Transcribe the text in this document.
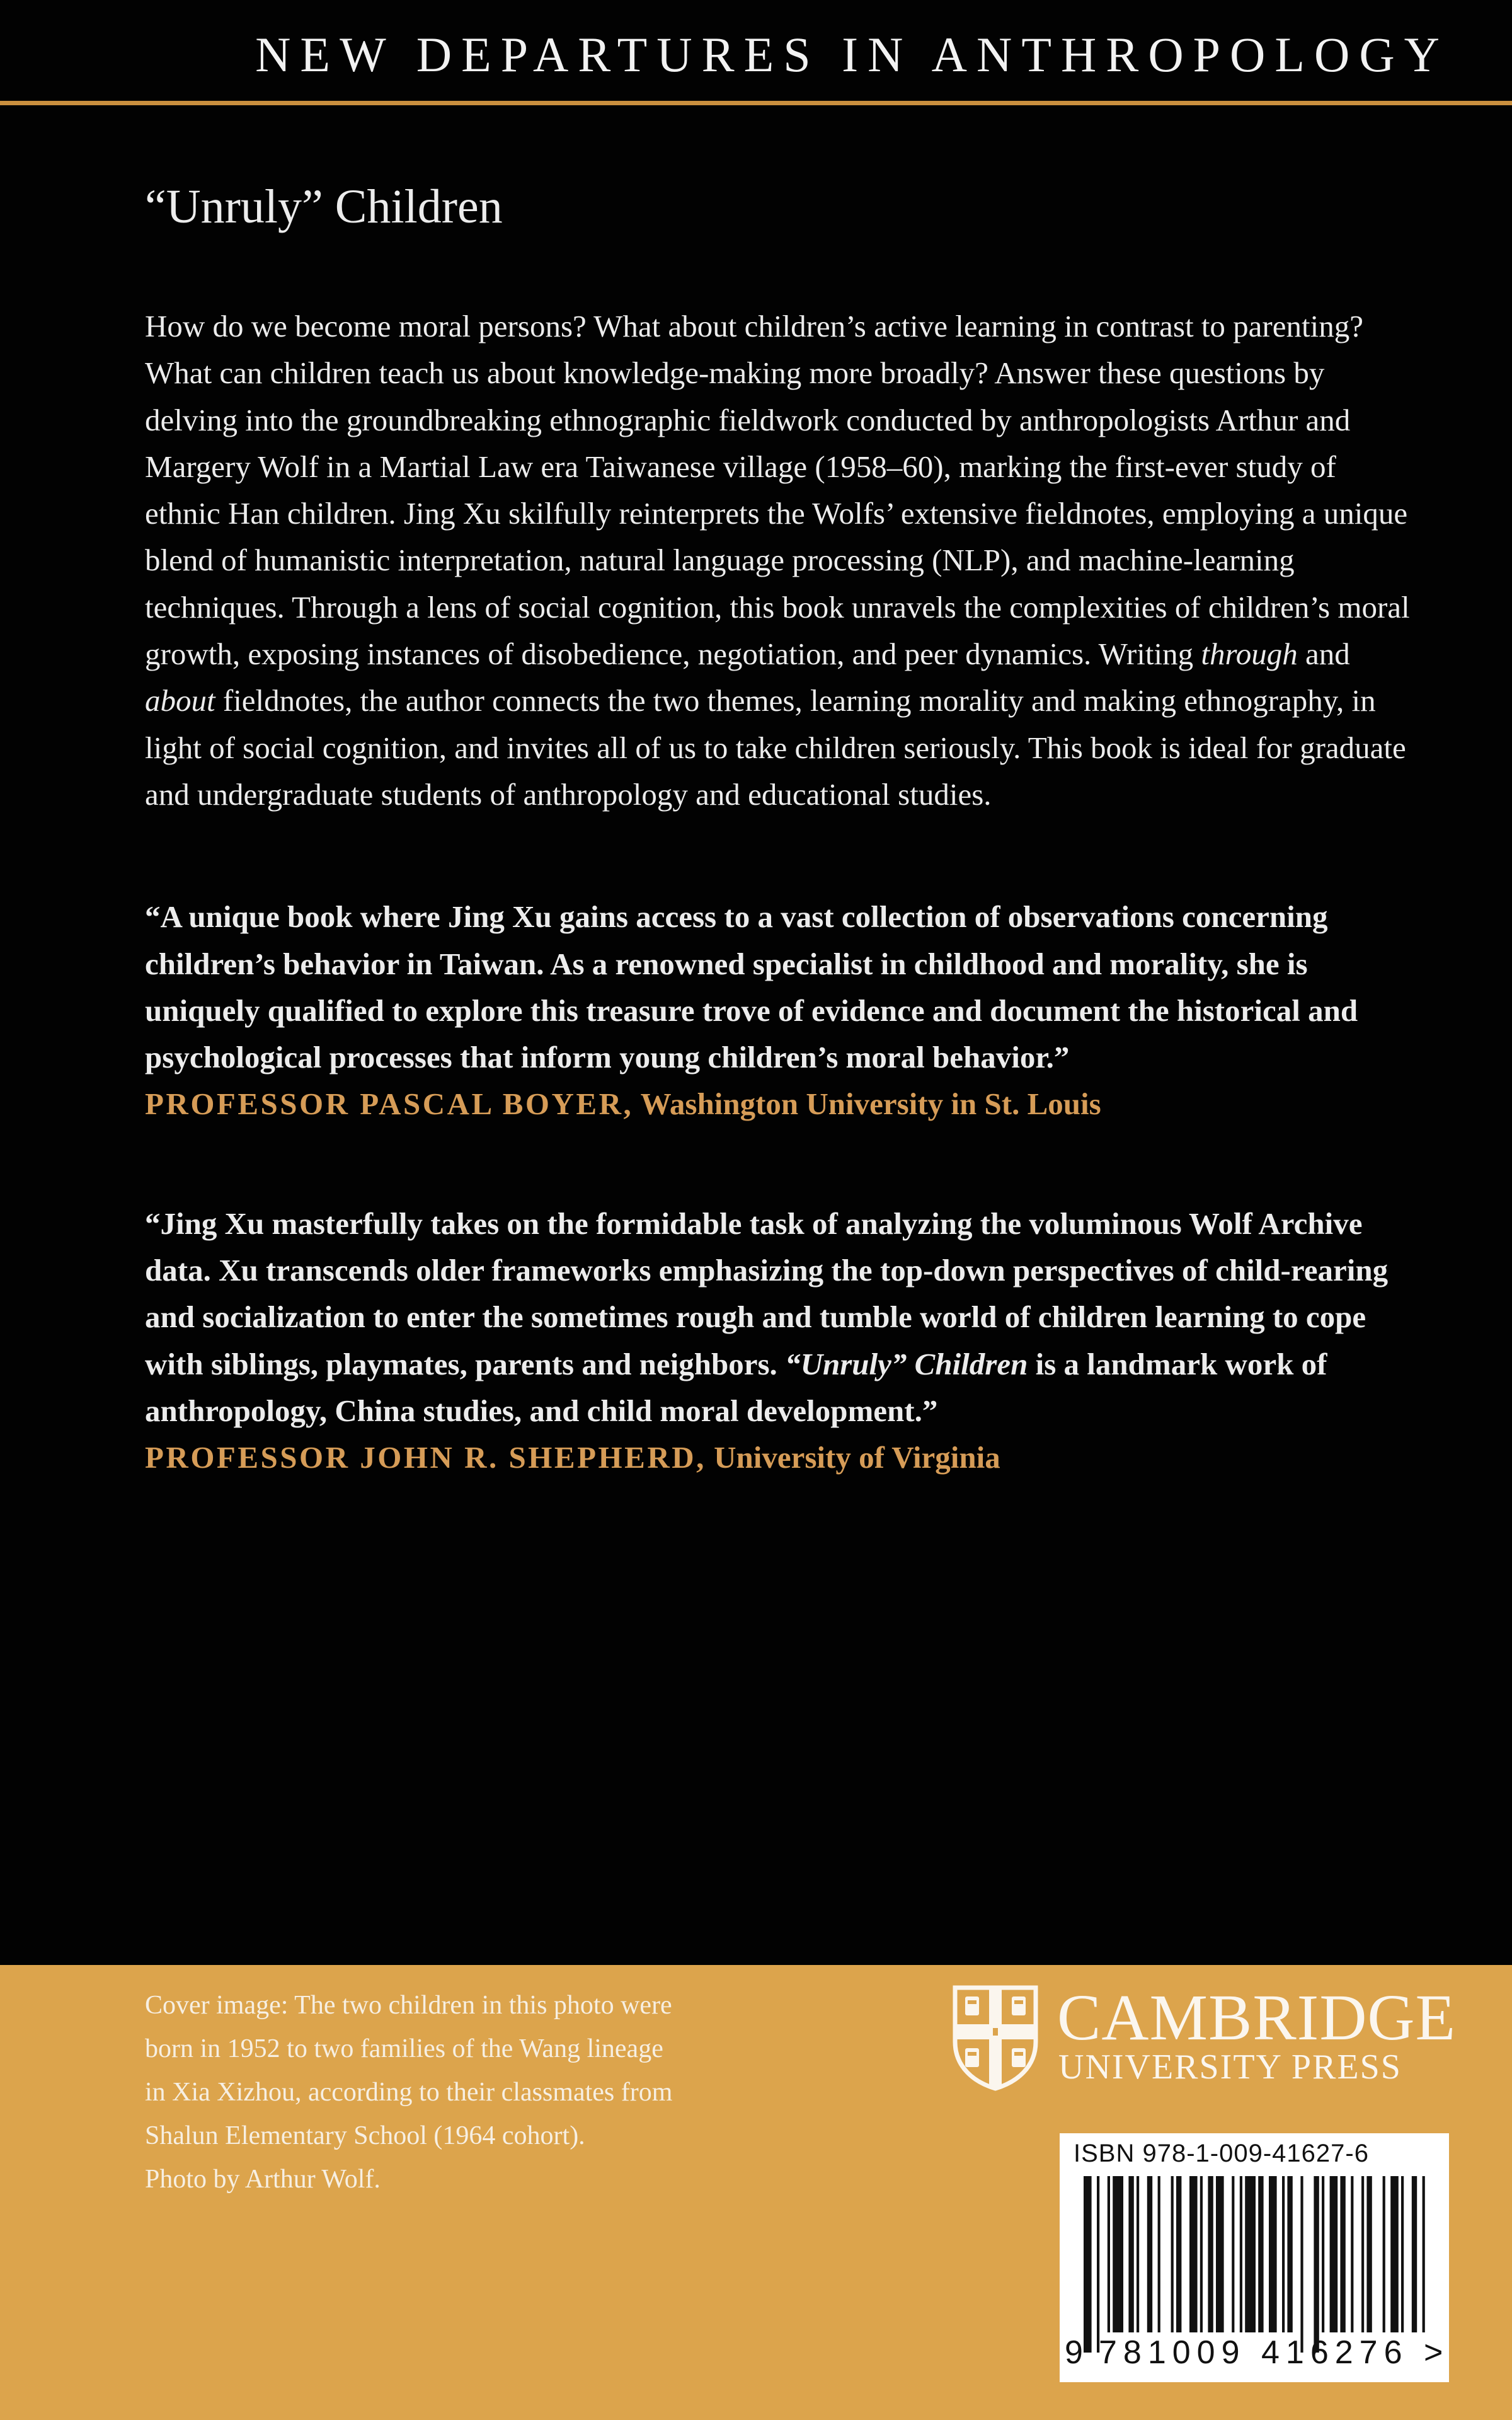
NEW DEPARTURES IN ANTHROPOLOGY
“Unruly” Children

How do we become moral persons? What about children’s active learning in contrast to parenting? What can children teach us about knowledge-making more broadly? Answer these questions by delving into the groundbreaking ethnographic fieldwork conducted by anthropologists Arthur and Margery Wolf in a Martial Law era Taiwanese village (1958–60), marking the first-ever study of ethnic Han children. Jing Xu skilfully reinterprets the Wolfs’ extensive fieldnotes, employing a unique blend of humanistic interpretation, natural language processing (NLP), and machine-learning techniques. Through a lens of social cognition, this book unravels the complexities of children’s moral growth, exposing instances of disobedience, negotiation, and peer dynamics. Writing through and about fieldnotes, the author connects the two themes, learning morality and making ethnography, in light of social cognition, and invites all of us to take children seriously. This book is ideal for graduate and undergraduate students of anthropology and educational studies.

“A unique book where Jing Xu gains access to a vast collection of observations concerning children’s behavior in Taiwan. As a renowned specialist in childhood and morality, she is uniquely qualified to explore this treasure trove of evidence and document the historical and psychological processes that inform young children’s moral behavior.”
PROFESSOR PASCAL BOYER, Washington University in St. Louis
“Jing Xu masterfully takes on the formidable task of analyzing the voluminous Wolf Archive data. Xu transcends older frameworks emphasizing the top-down perspectives of child-rearing and socialization to enter the sometimes rough and tumble world of children learning to cope with siblings, playmates, parents and neighbors. “Unruly” Children is a landmark work of anthropology, China studies, and child moral development.”
PROFESSOR JOHN R. SHEPHERD, University of Virginia
Cover image: The two children in this photo were
born in 1952 to two families of the Wang lineage
in Xia Xizhou, according to their classmates from
Shalun Elementary School (1964 cohort).
Photo by Arthur Wolf.
CAMBRIDGE
UNIVERSITY PRESS
ISBN 978-1-009-41627-6
9 781009 416276 >
